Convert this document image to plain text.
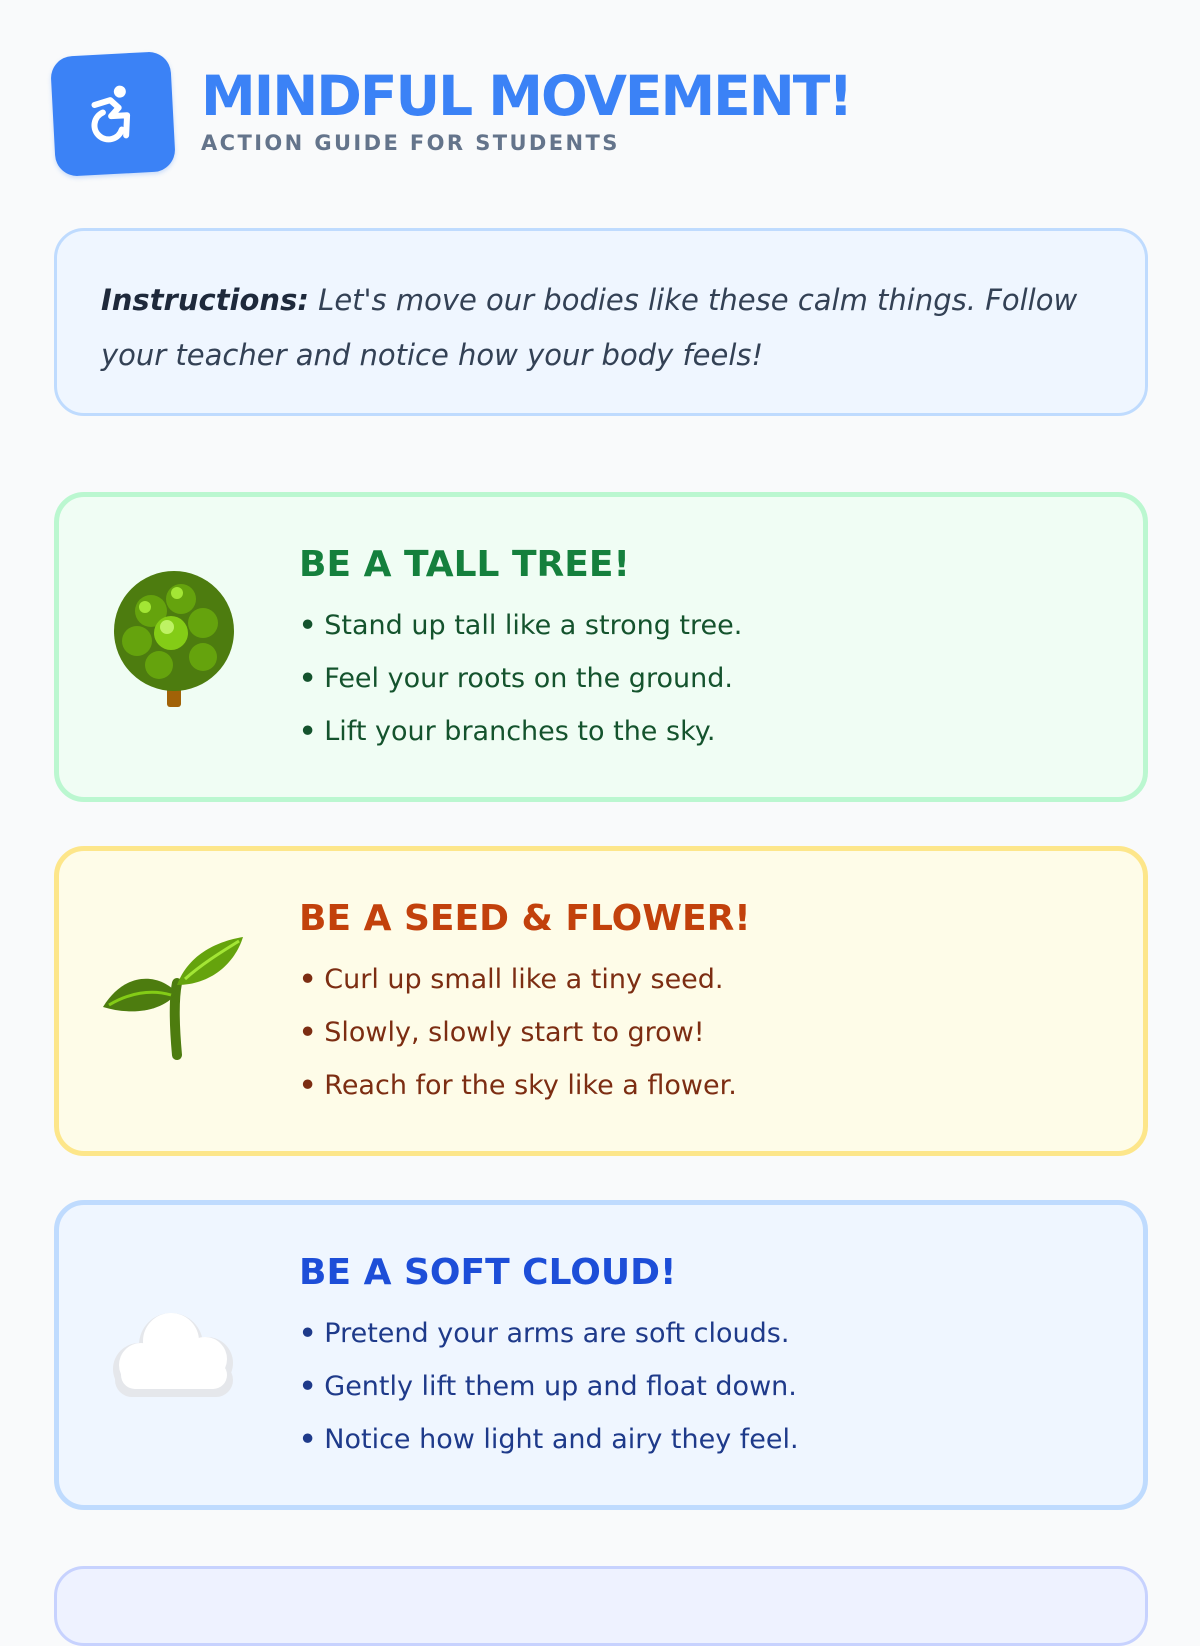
MINDFUL MOVEMENT!
ACTION GUIDE FOR STUDENTS
Instructions: Let's move our bodies like these calm things. Follow your teacher and notice how your body feels!
BE A TALL TREE!
• Stand up tall like a strong tree.
• Feel your roots on the ground.
• Lift your branches to the sky.
BE A SEED & FLOWER!
• Curl up small like a tiny seed.
• Slowly, slowly start to grow!
• Reach for the sky like a flower.
BE A SOFT CLOUD!
• Pretend your arms are soft clouds.
• Gently lift them up and float down.
• Notice how light and airy they feel.
